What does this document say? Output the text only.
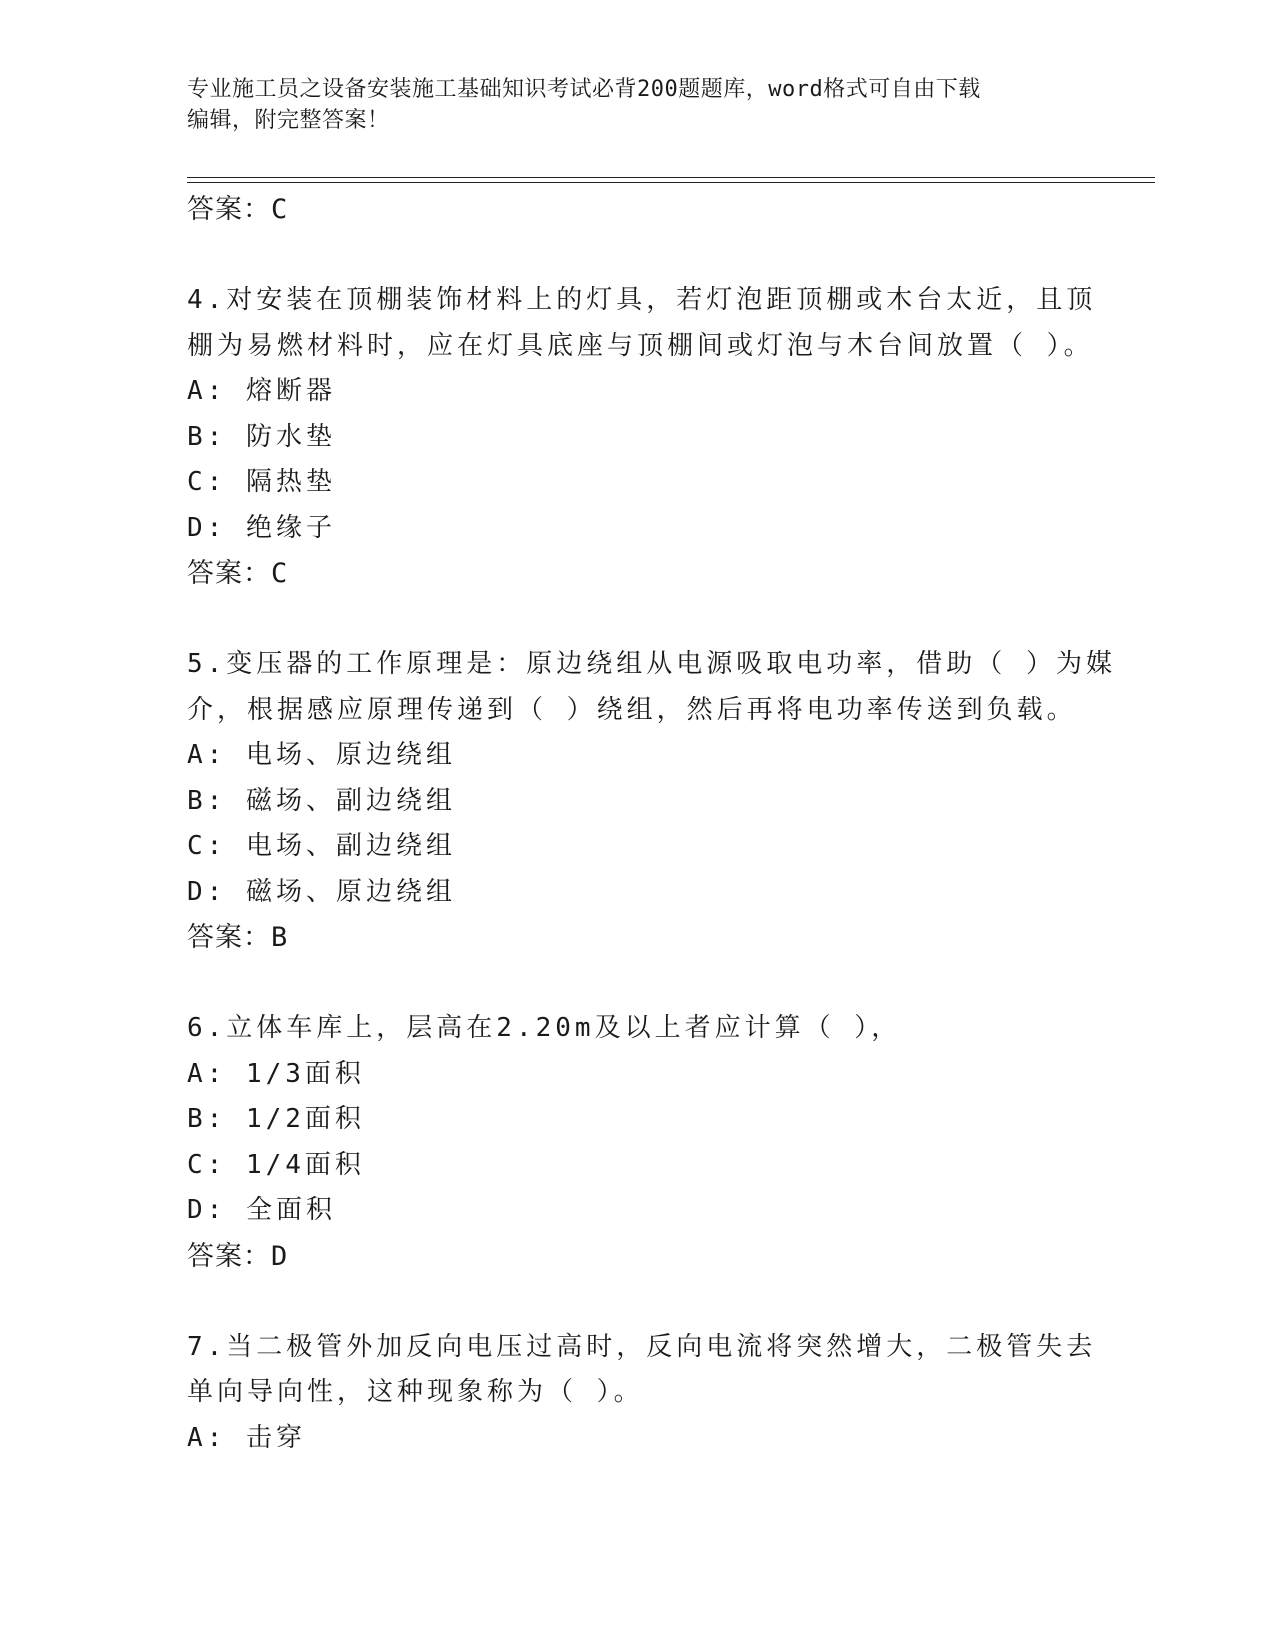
专业施工员之设备安装施工基础知识考试必背200题题库，word格式可自由下载
编辑，附完整答案！
答案：C
4.对安装在顶棚装饰材料上的灯具，若灯泡距顶棚或木台太近，且顶
棚为易燃材料时，应在灯具底座与顶棚间或灯泡与木台间放置（ ）。
A: 熔断器
B: 防水垫
C: 隔热垫
D: 绝缘子
答案：C
5.变压器的工作原理是：原边绕组从电源吸取电功率，借助（ ）为媒
介，根据感应原理传递到（ ）绕组，然后再将电功率传送到负载。
A: 电场、原边绕组
B: 磁场、副边绕组
C: 电场、副边绕组
D: 磁场、原边绕组
答案：B
6.立体车库上，层高在2.20m及以上者应计算（ ），
A: 1/3面积
B: 1/2面积
C: 1/4面积
D: 全面积
答案：D
7.当二极管外加反向电压过高时，反向电流将突然增大，二极管失去
单向导向性，这种现象称为（ ）。
A: 击穿
